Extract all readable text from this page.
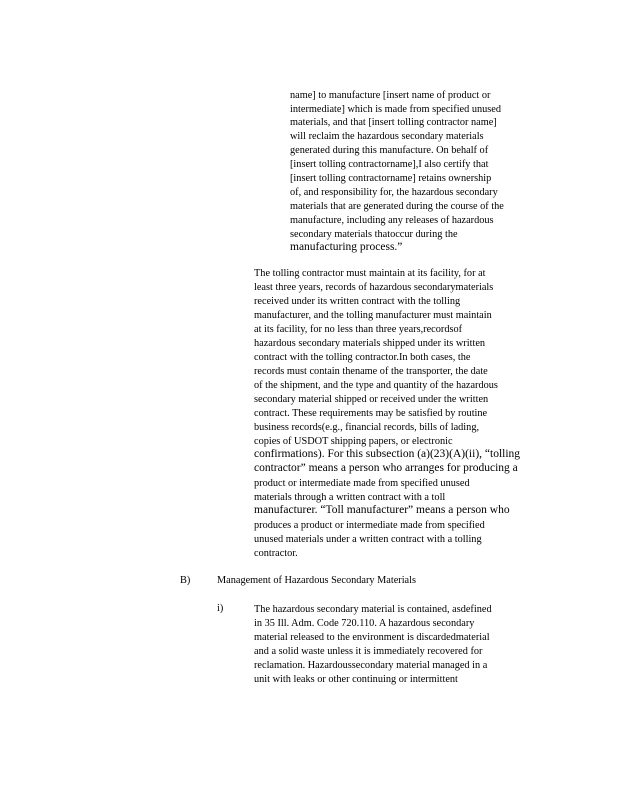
name] to manufacture [insert name of product or
intermediate] which is made from specified unused
materials, and that [insert tolling contractor name]
will reclaim the hazardous secondary materials
generated during this manufacture. On behalf of
[insert tolling contractorname],I also certify that
[insert tolling contractorname] retains ownership
of, and responsibility for, the hazardous secondary
materials that are generated during the course of the
manufacture, including any releases of hazardous
secondary materials thatoccur during the
manufacturing process.”
The tolling contractor must maintain at its facility, for at
least three years, records of hazardous secondarymaterials
received under its written contract with the tolling
manufacturer, and the tolling manufacturer must maintain
at its facility, for no less than three years,recordsof
hazardous secondary materials shipped under its written
contract with the tolling contractor.In both cases, the
records must contain thename of the transporter, the date
of the shipment, and the type and quantity of the hazardous
secondary material shipped or received under the written
contract. These requirements may be satisfied by routine
business records(e.g., financial records, bills of lading,
copies of USDOT shipping papers, or electronic
confirmations). For this subsection (a)(23)(A)(ii), “tolling
contractor” means a person who arranges for producing a
product or intermediate made from specified unused
materials through a written contract with a toll
manufacturer. “Toll manufacturer” means a person who
produces a product or intermediate made from specified
unused materials under a written contract with a tolling
contractor.
B)	Management of Hazardous Secondary Materials
i)	The hazardous secondary material is contained, asdefined
in 35 Ill. Adm. Code 720.110. A hazardous secondary
material released to the environment is discardedmaterial
and a solid waste unless it is immediately recovered for
reclamation. Hazardoussecondary material managed in a
unit with leaks or other continuing or intermittent
